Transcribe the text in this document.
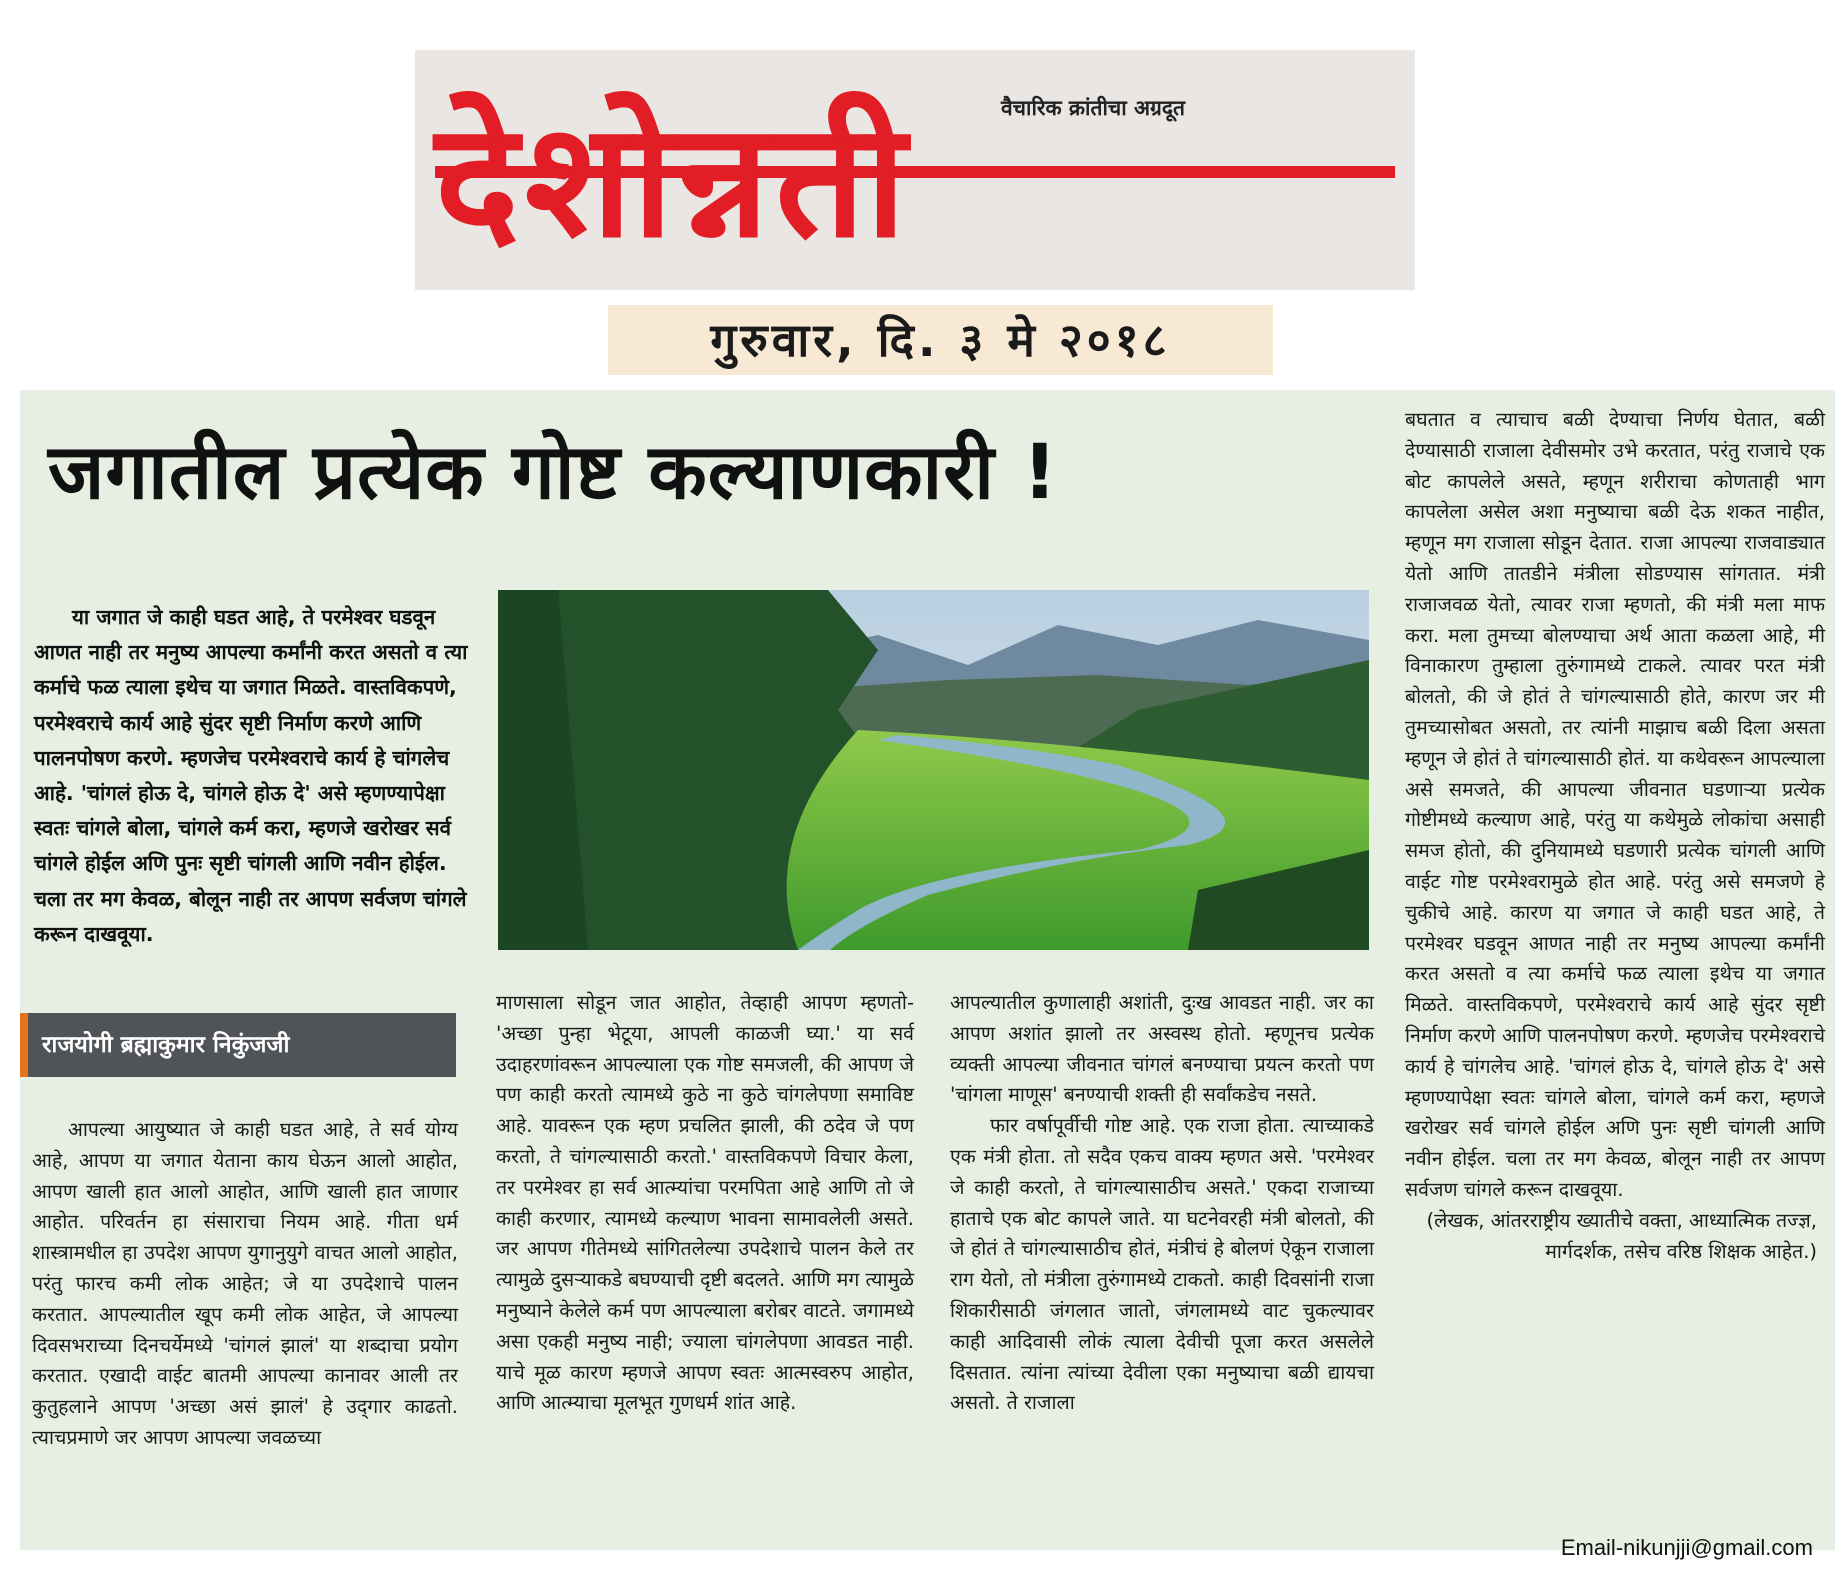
वैचारिक क्रांतीचा अग्रदूत
देशोन्नती
गुरुवार, दि. ३ मे २०१८
जगातील प्रत्येक गोष्ट कल्याणकारी !

या जगात जे काही घडत आहे, ते परमेश्वर घडवून आणत नाही तर मनुष्य आपल्या कर्मांनी करत असतो व त्या कर्माचे फळ त्याला इथेच या जगात मिळते. वास्तविकपणे, परमेश्वराचे कार्य आहे सुंदर सृष्टी निर्माण करणे आणि पालनपोषण करणे. म्हणजेच परमेश्वराचे कार्य हे चांगलेच आहे. 'चांगलं होऊ दे, चांगले होऊ दे' असे म्हणण्यापेक्षा स्वतः चांगले बोला, चांगले कर्म करा, म्हणजे खरोखर सर्व चांगले होईल अणि पुनः सृष्टी चांगली आणि नवीन होईल. चला तर मग केवळ, बोलून नाही तर आपण सर्वजण चांगले करून दाखवूया.

राजयोगी ब्रह्माकुमार निकुंजजी

आपल्या आयुष्यात जे काही घडत आहे, ते सर्व योग्य आहे, आपण या जगात येताना काय घेऊन आलो आहोत, आपण खाली हात आलो आहोत, आणि खाली हात जाणार आहोत. परिवर्तन हा संसाराचा नियम आहे. गीता धर्म शास्त्रामधील हा उपदेश आपण युगानुयुगे वाचत आलो आहोत, परंतु फारच कमी लोक आहेत; जे या उपदेशाचे पालन करतात. आपल्यातील खूप कमी लोक आहेत, जे आपल्या दिवसभराच्या दिनचर्येमध्ये 'चांगलं झालं' या शब्दाचा प्रयोग करतात. एखादी वाईट बातमी आपल्या कानावर आली तर कुतुहलाने आपण 'अच्छा असं झालं' हे उद्‌गार काढतो. त्याचप्रमाणे जर आपण आपल्या जवळच्या

माणसाला सोडून जात आहोत, तेव्हाही आपण म्हणतो- 'अच्छा पुन्हा भेटूया, आपली काळजी घ्या.' या सर्व उदाहरणांवरून आपल्याला एक गोष्ट समजली, की आपण जे पण काही करतो त्यामध्ये कुठे ना कुठे चांगलेपणा समाविष्ट आहे. यावरून एक म्हण प्रचलित झाली, की ठदेव जे पण करतो, ते चांगल्यासाठी करतो.' वास्तविकपणे विचार केला, तर परमेश्वर हा सर्व आत्म्यांचा परमपिता आहे आणि तो जे काही करणार, त्यामध्ये कल्याण भावना सामावलेली असते. जर आपण गीतेमध्ये सांगितलेल्या उपदेशाचे पालन केले तर त्यामुळे दुसऱ्याकडे बघण्याची दृष्टी बदलते. आणि मग त्यामुळे मनुष्याने केलेले कर्म पण आपल्याला बरोबर वाटते. जगामध्ये असा एकही मनुष्य नाही; ज्याला चांगलेपणा आवडत नाही. याचे मूळ कारण म्हणजे आपण स्वतः आत्मस्वरुप आहोत, आणि आत्म्याचा मूलभूत गुणधर्म शांत आहे.

आपल्यातील कुणालाही अशांती, दुःख आवडत नाही. जर का आपण अशांत झालो तर अस्वस्थ होतो. म्हणूनच प्रत्येक व्यक्ती आपल्या जीवनात चांगलं बनण्याचा प्रयत्न करतो पण 'चांगला माणूस' बनण्याची शक्ती ही सर्वांकडेच नसते.

फार वर्षापूर्वीची गोष्ट आहे. एक राजा होता. त्याच्याकडे एक मंत्री होता. तो सदैव एकच वाक्य म्हणत असे. 'परमेश्वर जे काही करतो, ते चांगल्यासाठीच असते.' एकदा राजाच्या हाताचे एक बोट कापले जाते. या घटनेवरही मंत्री बोलतो, की जे होतं ते चांगल्यासाठीच होतं, मंत्रीचं हे बोलणं ऐकून राजाला राग येतो, तो मंत्रीला तुरुंगामध्ये टाकतो. काही दिवसांनी राजा शिकारीसाठी जंगलात जातो, जंगलामध्ये वाट चुकल्यावर काही आदिवासी लोकं त्याला देवीची पूजा करत असलेले दिसतात. त्यांना त्यांच्या देवीला एका मनुष्याचा बळी द्यायचा असतो. ते राजाला

बघतात व त्याचाच बळी देण्याचा निर्णय घेतात, बळी देण्यासाठी राजाला देवीसमोर उभे करतात, परंतु राजाचे एक बोट कापलेले असते, म्हणून शरीराचा कोणताही भाग कापलेला असेल अशा मनुष्याचा बळी देऊ शकत नाहीत, म्हणून मग राजाला सोडून देतात. राजा आपल्या राजवाड्यात येतो आणि तातडीने मंत्रीला सोडण्यास सांगतात. मंत्री राजाजवळ येतो, त्यावर राजा म्हणतो, की मंत्री मला माफ करा. मला तुमच्या बोलण्याचा अर्थ आता कळला आहे, मी विनाकारण तुम्हाला तुरुंगामध्ये टाकले. त्यावर परत मंत्री बोलतो, की जे होतं ते चांगल्यासाठी होते, कारण जर मी तुमच्यासोबत असतो, तर त्यांनी माझाच बळी दिला असता म्हणून जे होतं ते चांगल्यासाठी होतं. या कथेवरून आपल्याला असे समजते, की आपल्या जीवनात घडणाऱ्या प्रत्येक गोष्टीमध्ये कल्याण आहे, परंतु या कथेमुळे लोकांचा असाही समज होतो, की दुनियामध्ये घडणारी प्रत्येक चांगली आणि वाईट गोष्ट परमेश्वरामुळे होत आहे. परंतु असे समजणे हे चुकीचे आहे. कारण या जगात जे काही घडत आहे, ते परमेश्वर घडवून आणत नाही तर मनुष्य आपल्या कर्मांनी करत असतो व त्या कर्माचे फळ त्याला इथेच या जगात मिळते. वास्तविकपणे, परमेश्वराचे कार्य आहे सुंदर सृष्टी निर्माण करणे आणि पालनपोषण करणे. म्हणजेच परमेश्वराचे कार्य हे चांगलेच आहे. 'चांगलं होऊ दे, चांगले होऊ दे' असे म्हणण्यापेक्षा स्वतः चांगले बोला, चांगले कर्म करा, म्हणजे खरोखर सर्व चांगले होईल अणि पुनः सृष्टी चांगली आणि नवीन होईल. चला तर मग केवळ, बोलून नाही तर आपण सर्वजण चांगले करून दाखवूया.

(लेखक, आंतरराष्ट्रीय ख्यातीचे वक्ता, आध्यात्मिक तज्ज्ञ, मार्गदर्शक, तसेच वरिष्ठ शिक्षक आहेत.)

Email-nikunjji@gmail.com
